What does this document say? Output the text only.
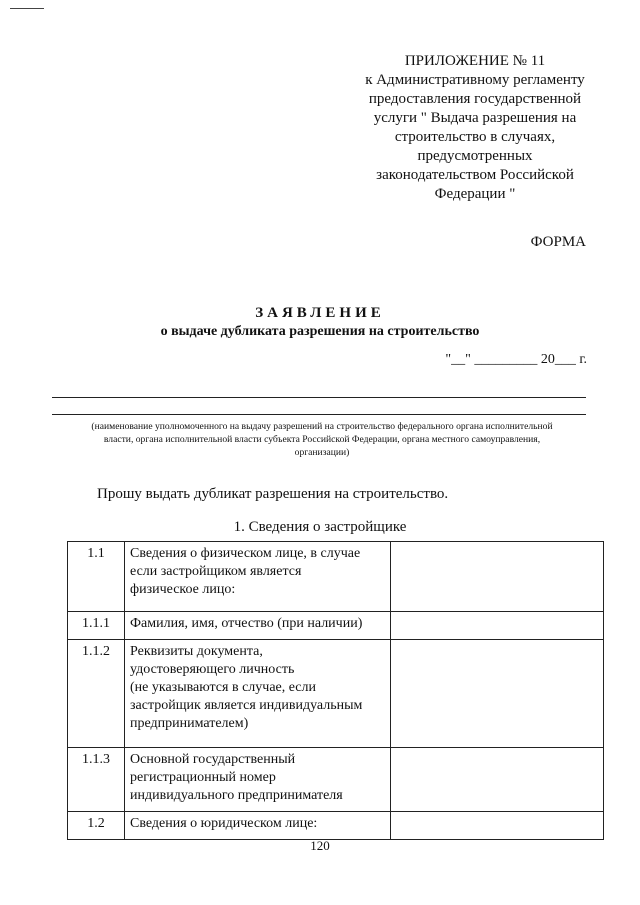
ПРИЛОЖЕНИЕ № 11
к Административному регламенту
предоставления государственной
услуги " Выдача разрешения на
строительство в случаях,
предусмотренных
законодательством Российской
Федерации "
ФОРМА
ЗАЯВЛЕНИЕ
о выдаче дубликата разрешения на строительство
"__" _________ 20___ г.
(наименование уполномоченного на выдачу разрешений на строительство федерального органа исполнительной
власти, органа исполнительной власти субъекта Российской Федерации, органа местного самоуправления,
организации)
Прошу выдать дубликат разрешения на строительство.
1. Сведения о застройщике
1.1	Сведения о физическом лице, в случае
если застройщиком является
физическое лицо:	

1.1.1	Фамилия, имя, отчество (при наличии)	

1.1.2	Реквизиты документа,
удостоверяющего личность
(не указываются в случае, если
застройщик является индивидуальным
предпринимателем)	

1.1.3	Основной государственный
регистрационный номер
индивидуального предпринимателя	

1.2	Сведения о юридическом лице:	

120
